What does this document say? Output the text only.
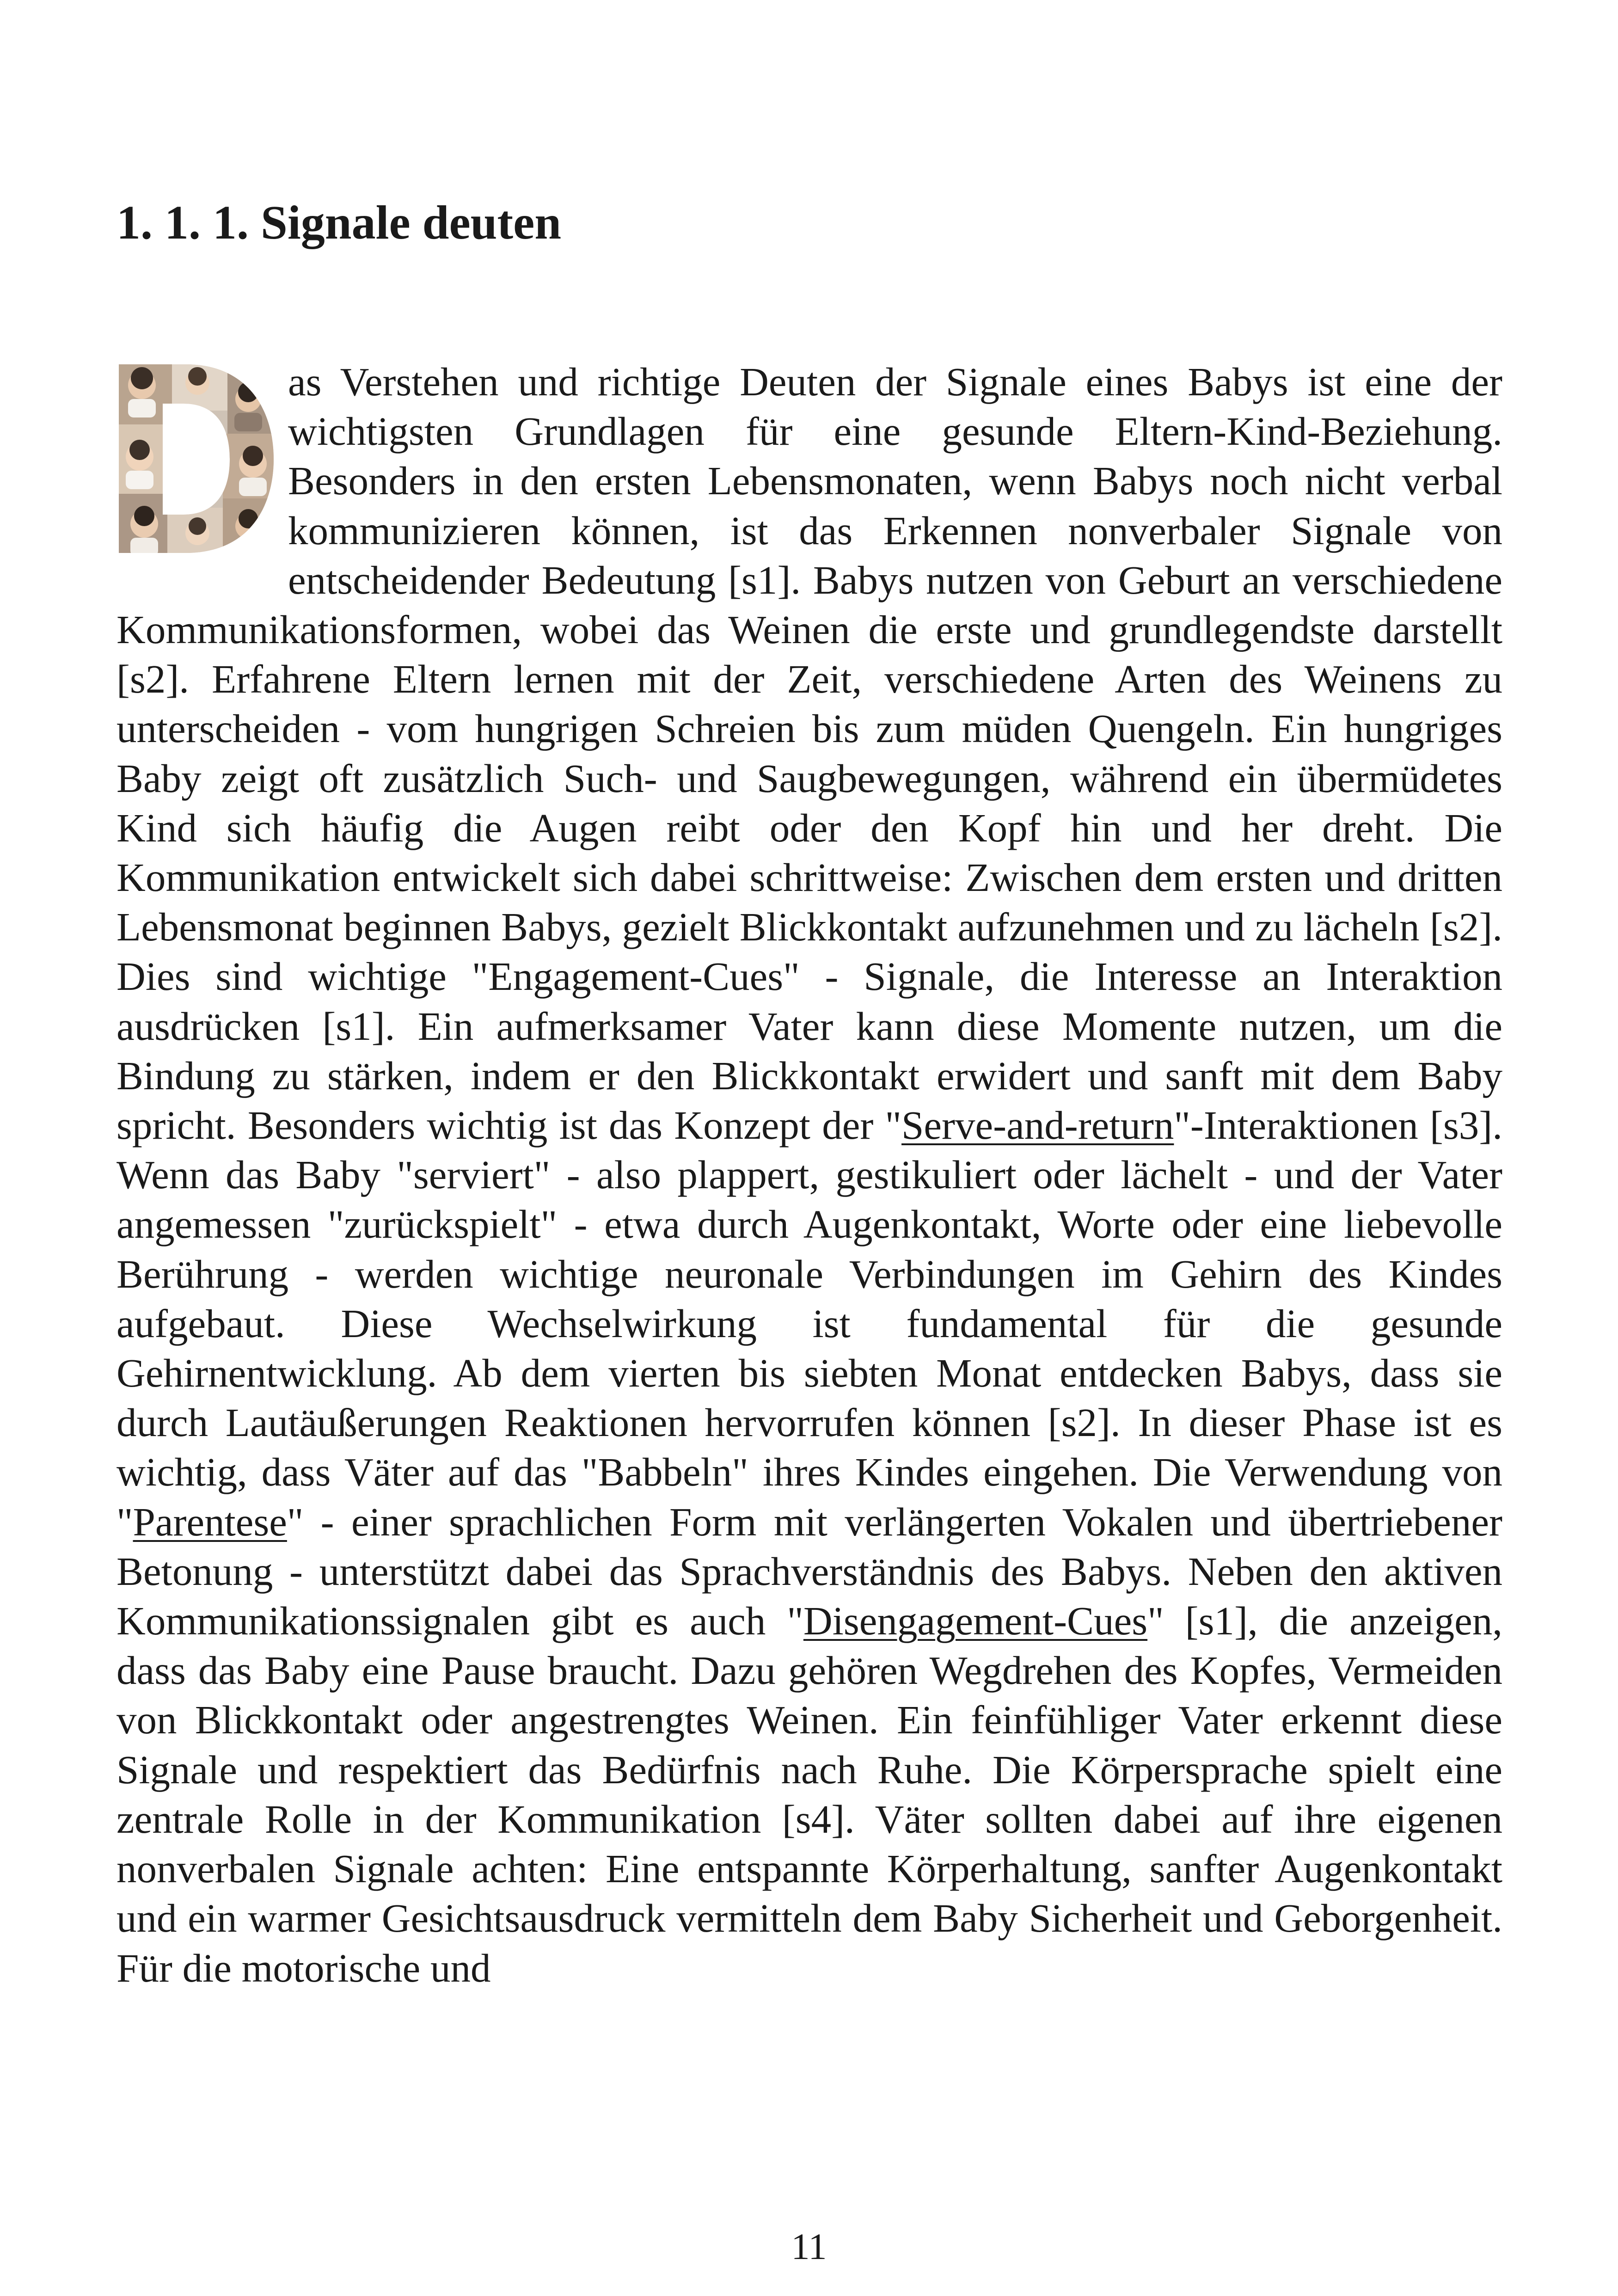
1. 1. 1. Signale deuten

as Verstehen und richtige Deuten der Signale eines Babys ist eine der wichtigsten Grundlagen für eine gesunde Eltern-Kind-Beziehung. Besonders in den ersten Lebensmonaten, wenn Babys noch nicht verbal kommunizieren können, ist das Erkennen nonverbaler Signale von entscheidender Bedeutung [s1]. Babys nutzen von Geburt an verschiedene Kommunikationsformen, wobei das Weinen die erste und grundlegendste darstellt [s2]. Erfahrene Eltern lernen mit der Zeit, verschiedene Arten des Weinens zu unterscheiden - vom hungrigen Schreien bis zum müden Quengeln. Ein hungriges Baby zeigt oft zusätzlich Such- und Saugbewegungen, während ein übermüdetes Kind sich häufig die Augen reibt oder den Kopf hin und her dreht. Die Kommunikation entwickelt sich dabei schrittweise: Zwischen dem ersten und dritten Lebensmonat beginnen Babys, gezielt Blickkontakt aufzunehmen und zu lächeln [s2]. Dies sind wichtige "Engagement-Cues" - Signale, die Interesse an Interaktion ausdrücken [s1]. Ein aufmerksamer Vater kann diese Momente nutzen, um die Bindung zu stärken, indem er den Blickkontakt erwidert und sanft mit dem Baby spricht. Besonders wichtig ist das Konzept der "Serve-and-return"-Interaktionen [s3]. Wenn das Baby "serviert" - also plappert, gestikuliert oder lächelt - und der Vater angemessen "zurückspielt" - etwa durch Augenkontakt, Worte oder eine liebevolle Berührung - werden wichtige neuronale Verbindungen im Gehirn des Kindes aufgebaut. Diese Wechselwirkung ist fundamental für die gesunde Gehirnentwicklung. Ab dem vierten bis siebten Monat entdecken Babys, dass sie durch Lautäußerungen Reaktionen hervorrufen können [s2]. In dieser Phase ist es wichtig, dass Väter auf das "Babbeln" ihres Kindes eingehen. Die Verwendung von "Parentese" - einer sprachlichen Form mit verlängerten Vokalen und übertriebener Betonung - unterstützt dabei das Sprachverständnis des Babys. Neben den aktiven Kommunikationssignalen gibt es auch "Disengagement-Cues" [s1], die anzeigen, dass das Baby eine Pause braucht. Dazu gehören Wegdrehen des Kopfes, Vermeiden von Blickkontakt oder angestrengtes Weinen. Ein feinfühliger Vater erkennt diese Signale und respektiert das Bedürfnis nach Ruhe. Die Körpersprache spielt eine zentrale Rolle in der Kommunikation [s4]. Väter sollten dabei auf ihre eigenen nonverbalen Signale achten: Eine entspannte Körperhaltung, sanfter Augenkontakt und ein warmer Gesichtsausdruck vermitteln dem Baby Sicherheit und Geborgenheit. Für die motorische und

11
